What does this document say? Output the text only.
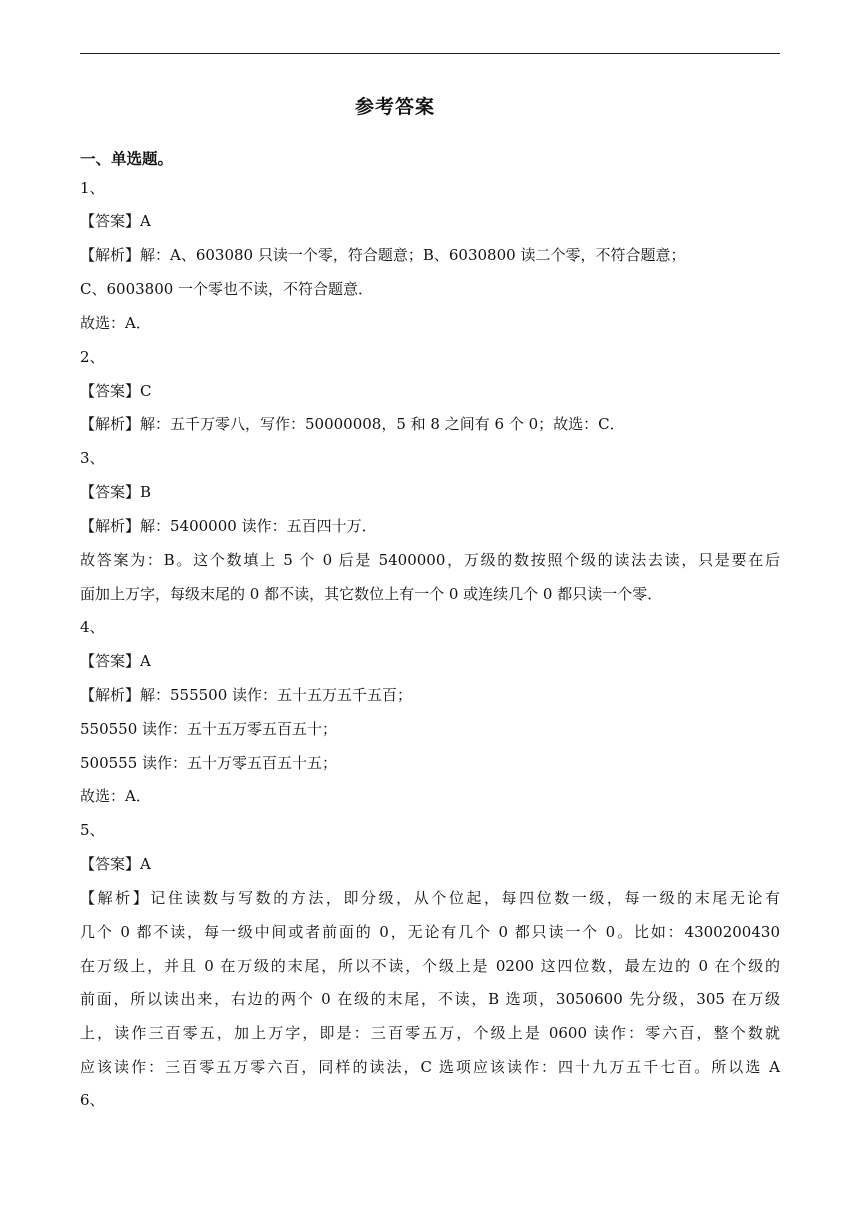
参考答案
一、单选题。
1、
【答案】A
【解析】解：A、603080 只读一个零，符合题意；B、6030800 读二个零，不符合题意；
C、6003800 一个零也不读，不符合题意．
故选：A．
2、
【答案】C
【解析】解：五千万零八，写作：50000008，5 和 8 之间有 6 个 0；故选：C．
3、
【答案】B
【解析】解：5400000 读作：五百四十万．
故答案为：B。这个数填上 5 个 0 后是 5400000，万级的数按照个级的读法去读，只是要在后
面加上万字，每级末尾的 0 都不读，其它数位上有一个 0 或连续几个 0 都只读一个零．
4、
【答案】A
【解析】解：555500 读作：五十五万五千五百；
550550 读作：五十五万零五百五十；
500555 读作：五十万零五百五十五；
故选：A．
5、
【答案】A
【解析】记住读数与写数的方法，即分级，从个位起，每四位数一级，每一级的末尾无论有
几个 0 都不读，每一级中间或者前面的 0，无论有几个 0 都只读一个 0。比如：4300200430
在万级上，并且 0 在万级的末尾，所以不读，个级上是 0200 这四位数，最左边的 0 在个级的
前面，所以读出来，右边的两个 0 在级的末尾，不读，B 选项，3050600 先分级，305 在万级
上，读作三百零五，加上万字，即是：三百零五万，个级上是 0600 读作：零六百，整个数就
应该读作：三百零五万零六百，同样的读法，C 选项应该读作：四十九万五千七百。所以选 A
6、
